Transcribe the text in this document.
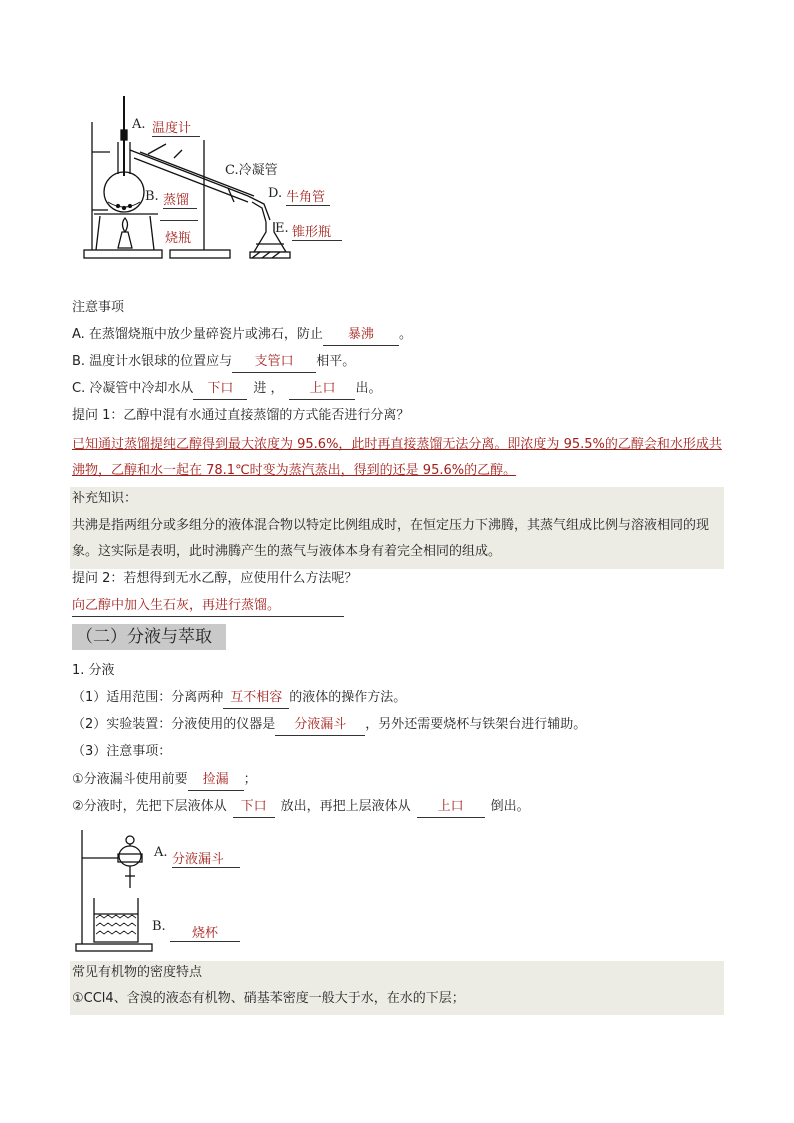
A. 温度计
B. 蒸馏
烧瓶
C.冷凝管
D. 牛角管
E. 锥形瓶
注意事项
A. 在蒸馏烧瓶中放少量碎瓷片或沸石，防止 暴沸 。
B. 温度计水银球的位置应与 支管口 相平。
C. 冷凝管中冷却水从 下口 进 ， 上口 出。
提问 1：乙醇中混有水通过直接蒸馏的方式能否进行分离？
已知通过蒸馏提纯乙醇得到最大浓度为 95.6%，此时再直接蒸馏无法分离。即浓度为 95.5%的乙醇会和水形成共沸物，乙醇和水一起在 78.1℃时变为蒸汽蒸出，得到的还是 95.6%的乙醇。
补充知识：
共沸是指两组分或多组分的液体混合物以特定比例组成时，在恒定压力下沸腾，其蒸气组成比例与溶液相同的现象。这实际是表明，此时沸腾产生的蒸气与液体本身有着完全相同的组成。
提问 2：若想得到无水乙醇，应使用什么方法呢？
向乙醇中加入生石灰，再进行蒸馏。
（二）分液与萃取
1. 分液
（1）适用范围：分离两种 互不相容 的液体的操作方法。
（2）实验装置：分液使用的仪器是 分液漏斗 ，另外还需要烧杯与铁架台进行辅助。
（3）注意事项：
①分液漏斗使用前要 捡漏 ；
②分液时，先把下层液体从 下口 放出，再把上层液体从 上口 倒出。
A. 分液漏斗
B.	烧杯
常见有机物的密度特点
①CCl4、含溴的液态有机物、硝基苯密度一般大于水，在水的下层；
